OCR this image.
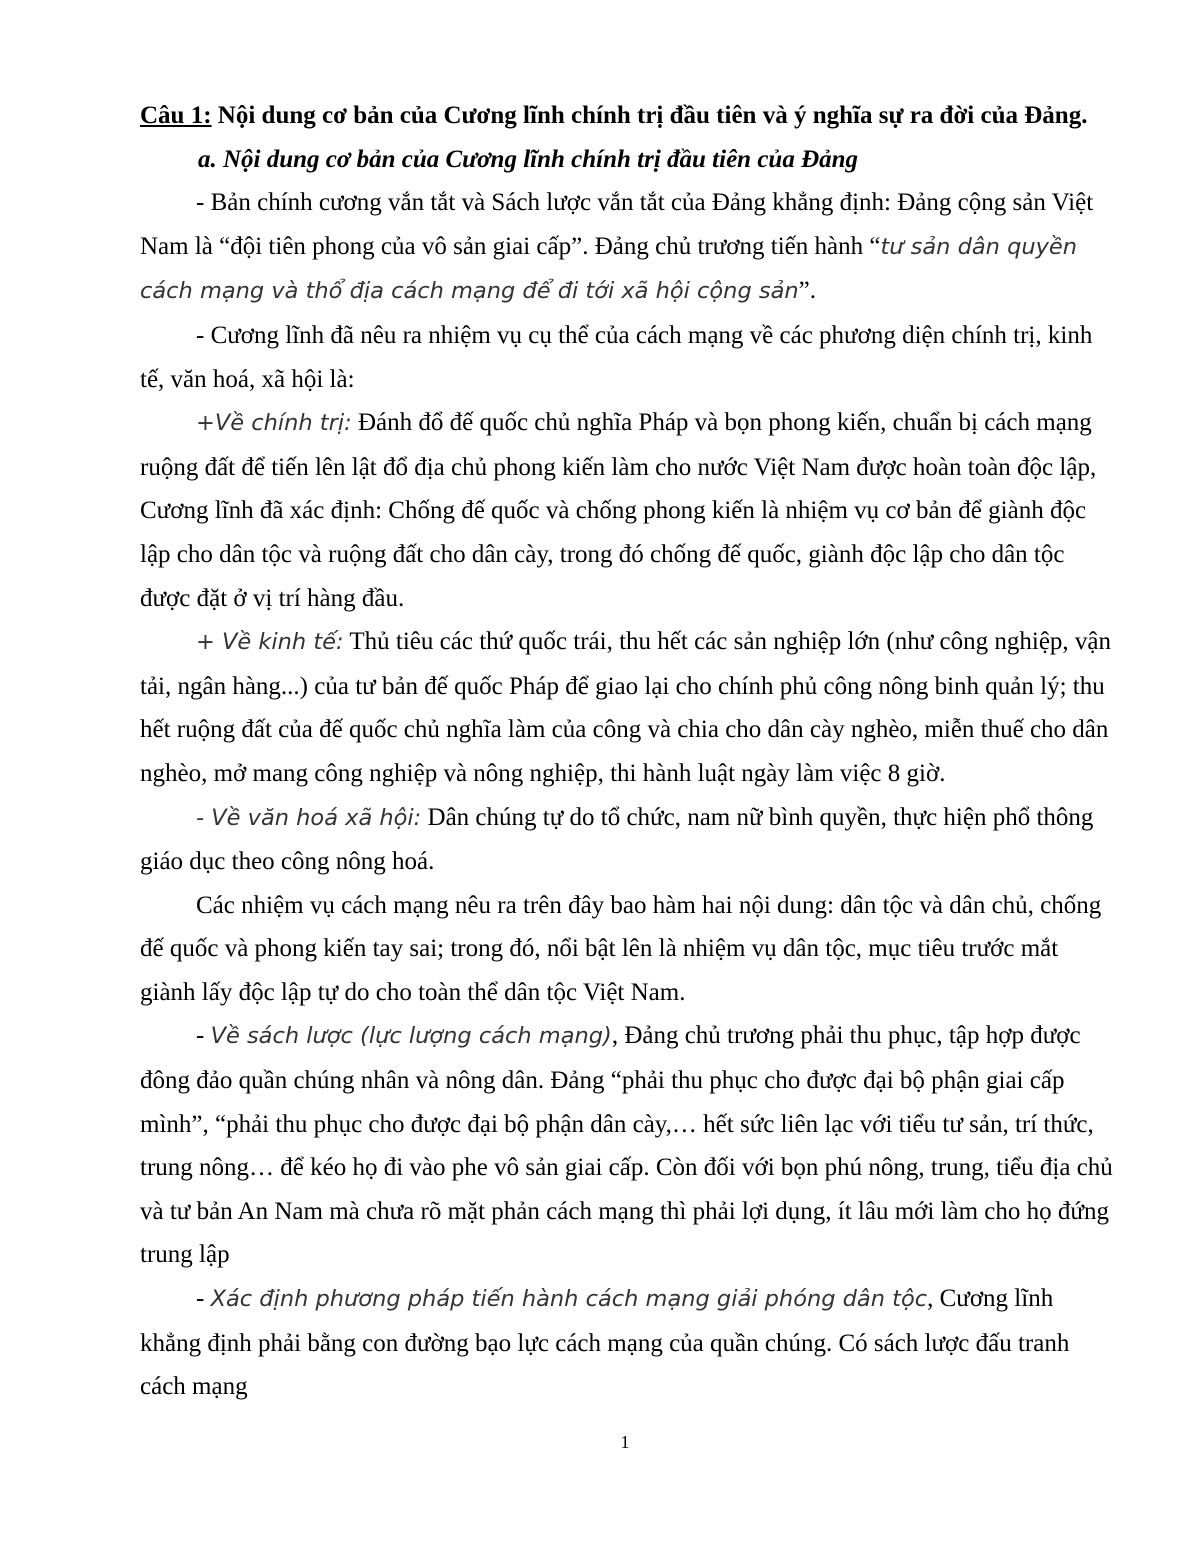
Câu 1: Nội dung cơ bản của Cương lĩnh chính trị đầu tiên và ý nghĩa sự ra đời của Đảng.

a. Nội dung cơ bản của Cương lĩnh chính trị đầu tiên của Đảng

- Bản chính cương vắn tắt và Sách lược vắn tắt của Đảng khẳng định: Đảng cộng sản Việt Nam là “đội tiên phong của vô sản giai cấp”. Đảng chủ trương tiến hành “tư sản dân quyền cách mạng và thổ địa cách mạng để đi tới xã hội cộng sản”.

- Cương lĩnh đã nêu ra nhiệm vụ cụ thể của cách mạng về các phương diện chính trị, kinh tế, văn hoá, xã hội là:

+Về chính trị: Đánh đổ đế quốc chủ nghĩa Pháp và bọn phong kiến, chuẩn bị cách mạng ruộng đất để tiến lên lật đổ địa chủ phong kiến làm cho nước Việt Nam được hoàn toàn độc lập, Cương lĩnh đã xác định: Chống đế quốc và chống phong kiến là nhiệm vụ cơ bản để giành độc lập cho dân tộc và ruộng đất cho dân cày, trong đó chống đế quốc, giành độc lập cho dân tộc được đặt ở vị trí hàng đầu.

+ Về kinh tế: Thủ tiêu các thứ quốc trái, thu hết các sản nghiệp lớn (như công nghiệp, vận tải, ngân hàng...) của tư bản đế quốc Pháp để giao lại cho chính phủ công nông binh quản lý; thu hết ruộng đất của đế quốc chủ nghĩa làm của công và chia cho dân cày nghèo, miễn thuế cho dân nghèo, mở mang công nghiệp và nông nghiệp, thi hành luật ngày làm việc 8 giờ.

- Về văn hoá xã hội: Dân chúng tự do tổ chức, nam nữ bình quyền, thực hiện phổ thông giáo dục theo công nông hoá.

Các nhiệm vụ cách mạng nêu ra trên đây bao hàm hai nội dung: dân tộc và dân chủ, chống đế quốc và phong kiến tay sai; trong đó, nổi bật lên là nhiệm vụ dân tộc, mục tiêu trước mắt giành lấy độc lập tự do cho toàn thể dân tộc Việt Nam.

- Về sách lược (lực lượng cách mạng), Đảng chủ trương phải thu phục, tập hợp được đông đảo quần chúng nhân và nông dân. Đảng “phải thu phục cho được đại bộ phận giai cấp mình”, “phải thu phục cho được đại bộ phận dân cày,… hết sức liên lạc với tiểu tư sản, trí thức, trung nông… để kéo họ đi vào phe vô sản giai cấp. Còn đối với bọn phú nông, trung, tiểu địa chủ và tư bản An Nam mà chưa rõ mặt phản cách mạng thì phải lợi dụng, ít lâu mới làm cho họ đứng trung lập

- Xác định phương pháp tiến hành cách mạng giải phóng dân tộc, Cương lĩnh khẳng định phải bằng con đường bạo lực cách mạng của quần chúng. Có sách lược đấu tranh cách mạng

1
